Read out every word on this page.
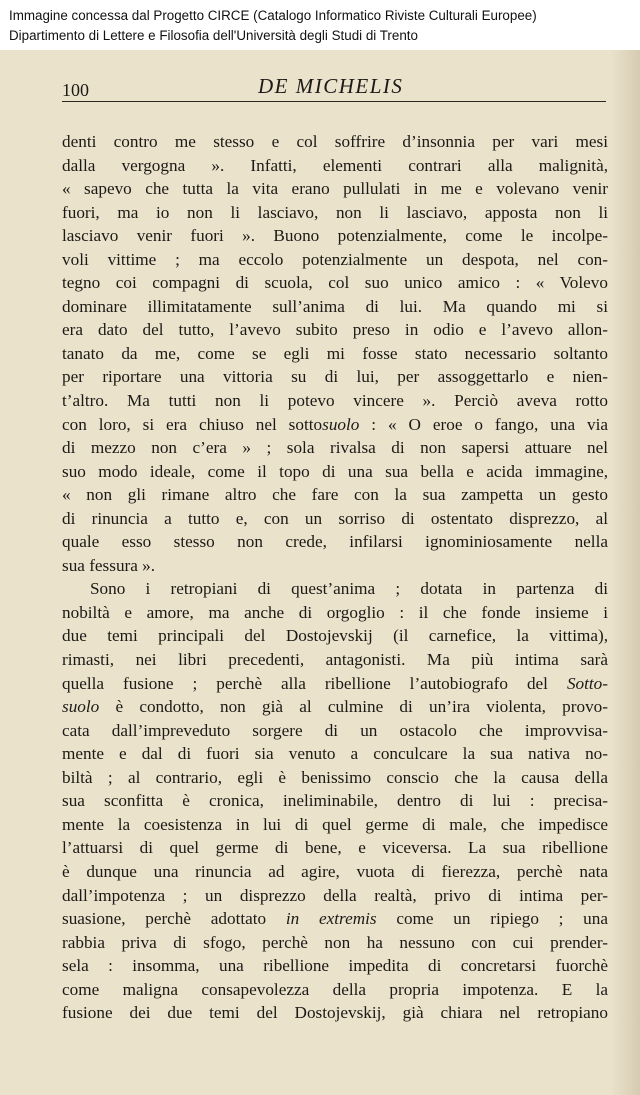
Immagine concessa dal Progetto CIRCE (Catalogo Informatico Riviste Culturali Europee)
Dipartimento di Lettere e Filosofia dell'Università degli Studi di Trento
100	DE MICHELIS
denti contro me stesso e col soffrire d’insonnia per vari mesi
dalla vergogna ». Infatti, elementi contrari alla malignità,
« sapevo che tutta la vita erano pullulati in me e volevano venir
fuori, ma io non li lasciavo, non li lasciavo, apposta non li
lasciavo venir fuori ». Buono potenzialmente, come le incolpe-
voli vittime ; ma eccolo potenzialmente un despota, nel con-
tegno coi compagni di scuola, col suo unico amico : « Volevo
dominare illimitatamente sull’anima di lui. Ma quando mi si
era dato del tutto, l’avevo subito preso in odio e l’avevo allon-
tanato da me, come se egli mi fosse stato necessario soltanto
per riportare una vittoria su di lui, per assoggettarlo e nien-
t’altro. Ma tutti non li potevo vincere ». Perciò aveva rotto
con loro, si era chiuso nel sottosuolo : « O eroe o fango, una via
di mezzo non c’era » ; sola rivalsa di non sapersi attuare nel
suo modo ideale, come il topo di una sua bella e acida immagine,
« non gli rimane altro che fare con la sua zampetta un gesto
di rinuncia a tutto e, con un sorriso di ostentato disprezzo, al
quale esso stesso non crede, infilarsi ignominiosamente nella
sua fessura ».
Sono i retropiani di quest’anima ; dotata in partenza di
nobiltà e amore, ma anche di orgoglio : il che fonde insieme i
due temi principali del Dostojevskij (il carnefice, la vittima),
rimasti, nei libri precedenti, antagonisti. Ma più intima sarà
quella fusione ; perchè alla ribellione l’autobiografo del Sotto-
suolo è condotto, non già al culmine di un’ira violenta, provo-
cata dall’impreveduto sorgere di un ostacolo che improvvisa-
mente e dal di fuori sia venuto a conculcare la sua nativa no-
biltà ; al contrario, egli è benissimo conscio che la causa della
sua sconfitta è cronica, ineliminabile, dentro di lui : precisa-
mente la coesistenza in lui di quel germe di male, che impedisce
l’attuarsi di quel germe di bene, e viceversa. La sua ribellione
è dunque una rinuncia ad agire, vuota di fierezza, perchè nata
dall’impotenza ; un disprezzo della realtà, privo di intima per-
suasione, perchè adottato in extremis come un ripiego ; una
rabbia priva di sfogo, perchè non ha nessuno con cui prender-
sela : insomma, una ribellione impedita di concretarsi fuorchè
come maligna consapevolezza della propria impotenza. E la
fusione dei due temi del Dostojevskij, già chiara nel retropiano
